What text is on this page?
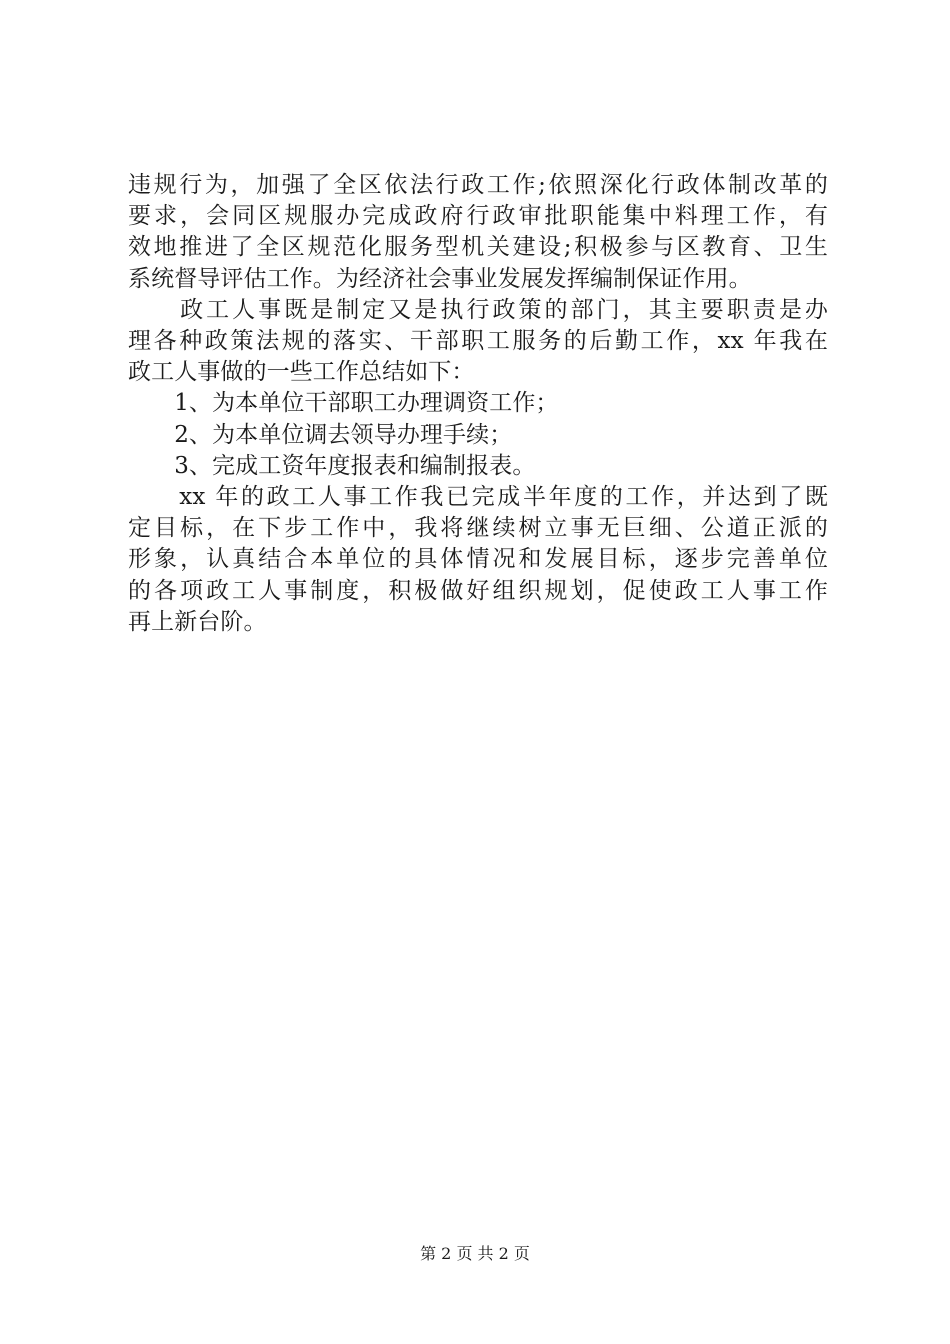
违规行为，加强了全区依法行政工作;依照深化行政体制改革的
要求，会同区规服办完成政府行政审批职能集中料理工作，有
效地推进了全区规范化服务型机关建设;积极参与区教育、卫生
系统督导评估工作。为经济社会事业发展发挥编制保证作用。
　　政工人事既是制定又是执行政策的部门，其主要职责是办
理各种政策法规的落实、干部职工服务的后勤工作，xx 年我在
政工人事做的一些工作总结如下：
　　1、为本单位干部职工办理调资工作；
　　2、为本单位调去领导办理手续；
　　3、完成工资年度报表和编制报表。
　　xx 年的政工人事工作我已完成半年度的工作，并达到了既
定目标，在下步工作中，我将继续树立事无巨细、公道正派的
形象，认真结合本单位的具体情况和发展目标，逐步完善单位
的各项政工人事制度，积极做好组织规划，促使政工人事工作
再上新台阶。
第 2 页 共 2 页
